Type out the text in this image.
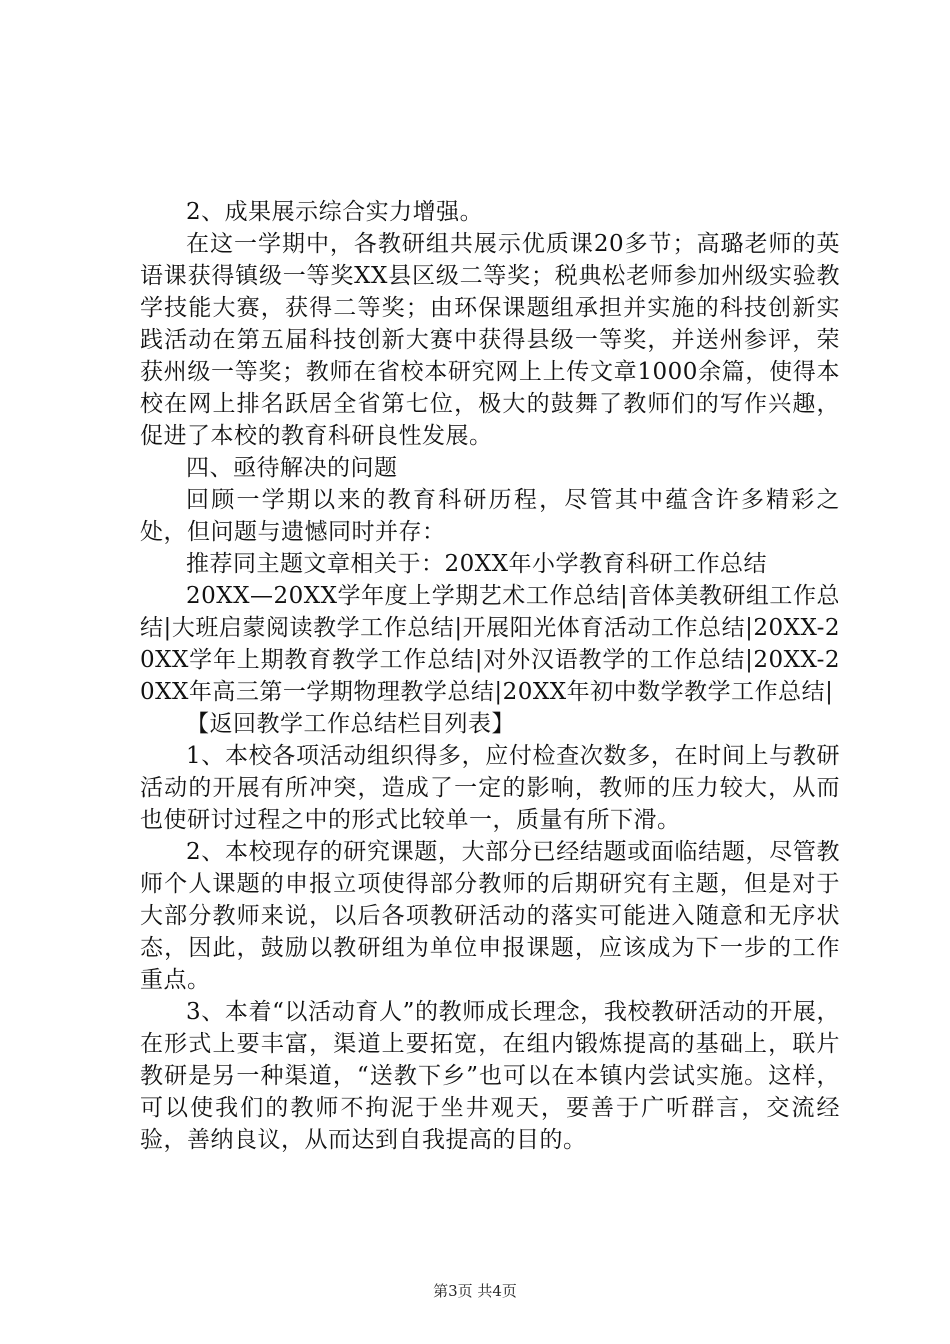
2、成果展示综合实力增强。

在这一学期中，各教研组共展示优质课20多节；高璐老师的英语课获得镇级一等奖XX县区级二等奖；税典松老师参加州级实验教学技能大赛，获得二等奖；由环保课题组承担并实施的科技创新实践活动在第五届科技创新大赛中获得县级一等奖，并送州参评，荣获州级一等奖；教师在省校本研究网上上传文章1000余篇，使得本校在网上排名跃居全省第七位，极大的鼓舞了教师们的写作兴趣，促进了本校的教育科研良性发展。

四、亟待解决的问题

回顾一学期以来的教育科研历程，尽管其中蕴含许多精彩之处，但问题与遗憾同时并存：

推荐同主题文章相关于：20XX年小学教育科研工作总结

20XX—20XX学年度上学期艺术工作总结|音体美教研组工作总结|大班启蒙阅读教学工作总结|开展阳光体育活动工作总结|20XX-20XX学年上期教育教学工作总结|对外汉语教学的工作总结|20XX-20XX年高三第一学期物理教学总结|20XX年初中数学教学工作总结|

【返回教学工作总结栏目列表】

1、本校各项活动组织得多，应付检查次数多，在时间上与教研活动的开展有所冲突，造成了一定的影响，教师的压力较大，从而也使研讨过程之中的形式比较单一，质量有所下滑。

2、本校现存的研究课题，大部分已经结题或面临结题，尽管教师个人课题的申报立项使得部分教师的后期研究有主题，但是对于大部分教师来说，以后各项教研活动的落实可能进入随意和无序状态，因此，鼓励以教研组为单位申报课题，应该成为下一步的工作重点。

3、本着“以活动育人”的教师成长理念，我校教研活动的开展，在形式上要丰富，渠道上要拓宽，在组内锻炼提高的基础上，联片教研是另一种渠道，“送教下乡”也可以在本镇内尝试实施。这样，可以使我们的教师不拘泥于坐井观天，要善于广听群言，交流经验，善纳良议，从而达到自我提高的目的。

第3页 共4页
